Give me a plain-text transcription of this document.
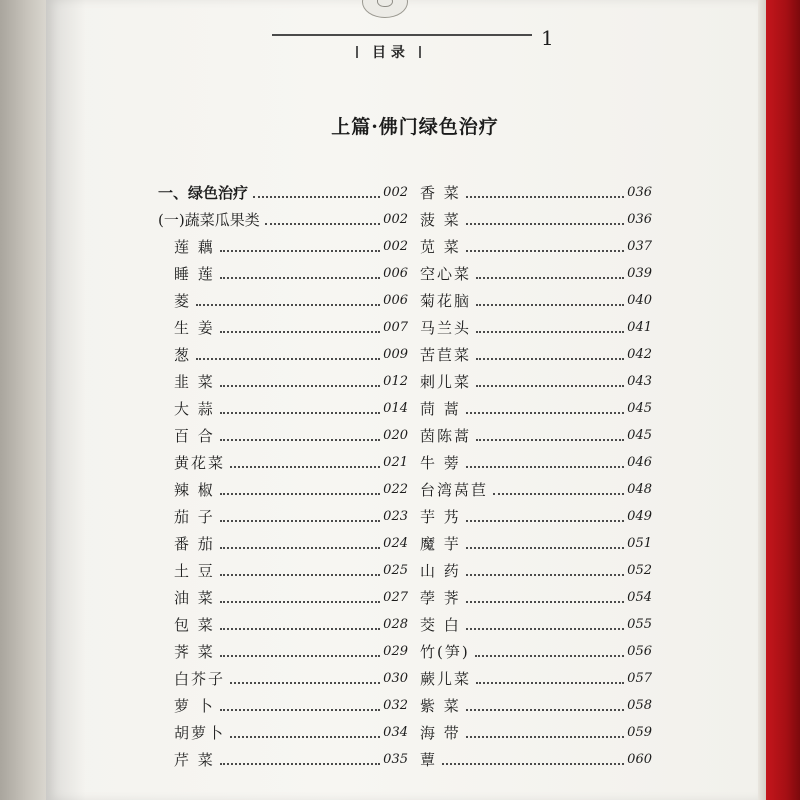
目 录
1
上篇·佛门绿色治疗
一、绿色治疗	002
(一)蔬菜瓜果类	002
莲 藕	002
睡 莲	006
菱	006
生 姜	007
葱	009
韭 菜	012
大 蒜	014
百 合	020
黄花菜	021
辣 椒	022
茄 子	023
番 茄	024
土 豆	025
油 菜	027
包 菜	028
荠 菜	029
白芥子	030
萝 卜	032
胡萝卜	034
芹 菜	035
香 菜	036
菠 菜	036
苋 菜	037
空心菜	039
菊花脑	040
马兰头	041
苦苣菜	042
刺儿菜	043
茼 蒿	045
茵陈蒿	045
牛 蒡	046
台湾莴苣	048
芋 艿	049
魔 芋	051
山 药	052
荸 荠	054
茭 白	055
竹(笋)	056
蕨儿菜	057
紫 菜	058
海 带	059
蕈	060
